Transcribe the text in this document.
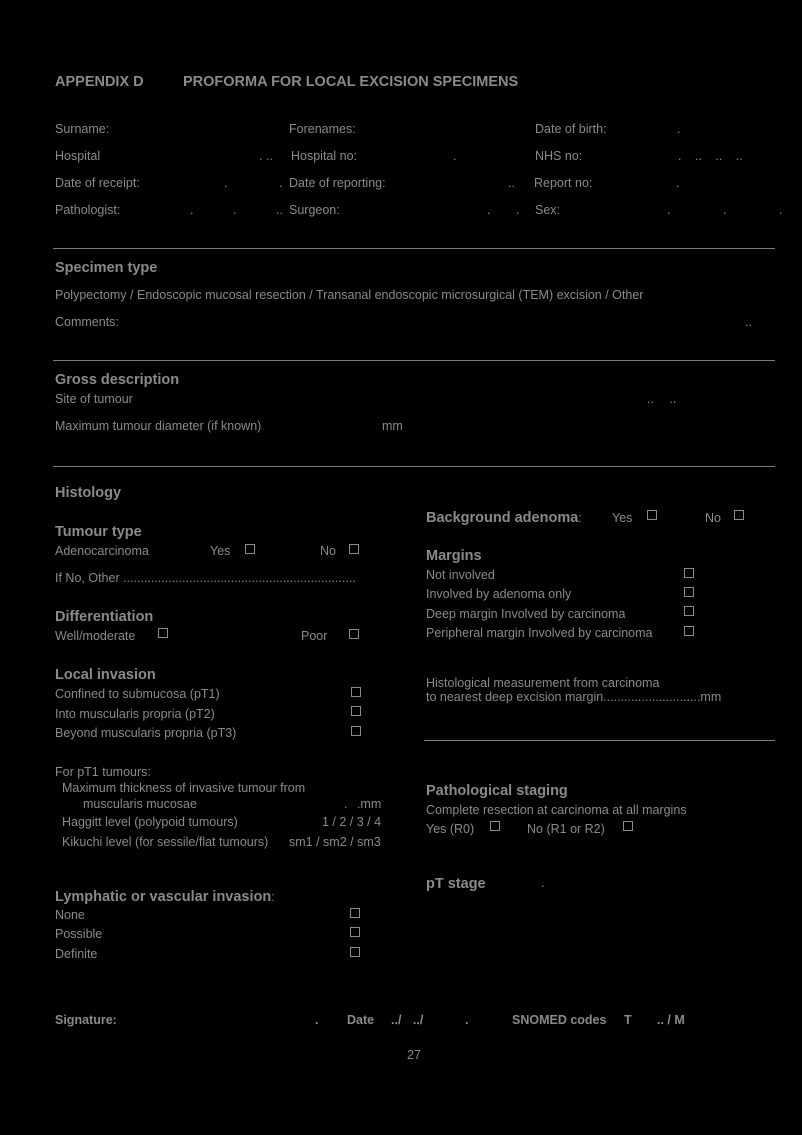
APPENDIX D	PROFORMA FOR LOCAL EXCISION SPECIMENS
Surname:	Forenames:	Date of birth:	.
Hospital	. .. Hospital no:	.	NHS no:	. .. .. ..
Date of receipt:	. . Date of reporting:	.. Report no:	.
Pathologist:	. . .. Surgeon:	. . Sex:	. . .
Specimen type
Polypectomy / Endoscopic mucosal resection / Transanal endoscopic microsurgical (TEM) excision / Other
Comments:	..
Gross description
Site of tumour	.. ..
Maximum tumour diameter (if known)	mm
Histology
Tumour type
Adenocarcinoma	Yes	No
If No, Other ...................................................................
Differentiation
Well/moderate	Poor
Local invasion
Confined to submucosa (pT1)
Into muscularis propria (pT2)
Beyond muscularis propria (pT3)
For pT1 tumours:
Maximum thickness of invasive tumour from
muscularis mucosae	. .mm
Haggitt level (polypoid tumours)	1 / 2 / 3 / 4
Kikuchi level (for sessile/flat tumours) sm1 / sm2 / sm3
Lymphatic or vascular invasion:
None
Possible
Definite
Background adenoma: Yes	No
Margins
Not involved
Involved by adenoma only
Deep margin Involved by carcinoma
Peripheral margin Involved by carcinoma
Histological measurement from carcinoma
to nearest deep excision margin............................mm
Pathological staging
Complete resection at carcinoma at all margins
Yes (R0)	No (R1 or R2)
pT stage	.
Signature:	. Date ../ ../	.	SNOMED codes T .. / M
27
